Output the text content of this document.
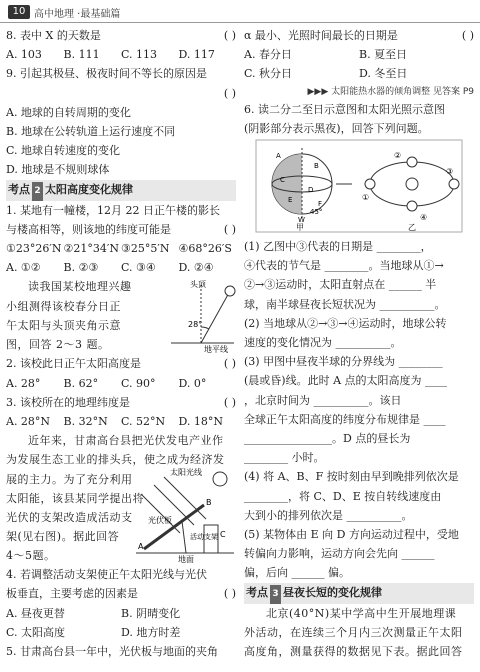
10 高中地理 ·最基础篇
8. 表中 X 的天数是	( )
A. 103	B. 111	C. 113	D. 117
9. 引起其极昼、极夜时间不等长的原因是
( )
A. 地球的自转周期的变化
B. 地球在公转轨道上运行速度不同
C. 地球自转速度的变化
D. 地球是不规则球体
考点 2 太阳高度变化规律
1. 某地有一幢楼，12月 22 日正午楼的影长
与楼高相等，则该地的纬度可能是	( )
①23°26′N ②21°34′N ③25°5′N ④68°26′S
A. ①②	B. ②③	C. ③④	D. ②④
读我国某校地理兴趣
小组测得该校春分日正
午太阳与头顶夹角示意
图，回答 2～3 题。
头顶
28°
地平线
2. 该校此日正午太阳高度是	( )
A. 28°	B. 62°	C. 90°	D. 0°
3. 该校所在的地理纬度是	( )
A. 28°N	B. 32°N	C. 52°N	D. 18°N
近年来，甘肃高台县把光伏发电产业作
为发展生态工业的排头兵，使之成为经济发
展的主力。为了充分利用
太阳能，该县某同学提出将
光伏的支架改造成活动支
架(见右图)。据此回答
4～5题。
太阳光线
光伏板
活动支架
地面
A
B
C
4. 若调整活动支架使正午太阳光线与光伏
板垂直，主要考虑的因素是	( )
A. 昼夜更替	B. 阴晴变化
C. 太阳高度	D. 地方时差
5. 甘肃高台县一年中，光伏板与地面的夹角
α 最小、光照时间最长的日期是	( )
A. 春分日	B. 夏至日
C. 秋分日	D. 冬至日
▶▶▶ 太阳能热水器的倾角调整 见答案 P9
6. 读二分二至日示意图和太阳光照示意图
(阴影部分表示黑夜)，回答下列问题。
A
B
C
D
E	F
45°
W
甲
①
②
③
④
乙
(1) 乙图中③代表的日期是 ________，
④代表的节气是 ________。当地球从①→
②→③运动时，太阳直射点在 ______ 半
球，南半球昼夜长短状况为 __________。
(2) 当地球从②→③→④运动时，地球公转
速度的变化情况为 __________。
(3) 甲图中昼夜半球的分界线为 ________
(晨或昏)线。此时 A 点的太阳高度为 ____
，北京时间为 __________。该日
全球正午太阳高度的纬度分布规律是 ____
________________。D 点的昼长为
________ 小时。
(4) 将 A、B、F 按时刻由早到晚排列依次是
________，将 C、D、E 按自转线速度由
大到小的排列依次是 __________。
(5) 某物体由 E 向 D 方向运动过程中，受地
转偏向力影响，运动方向会先向 ______
偏，后向 ______ 偏。
考点 3 昼夜长短的变化规律
北京(40°N)某中学高中生开展地理课
外活动，在连续三个月内三次测量正午太阳
高度角，测量获得的数据见下表。据此回答
